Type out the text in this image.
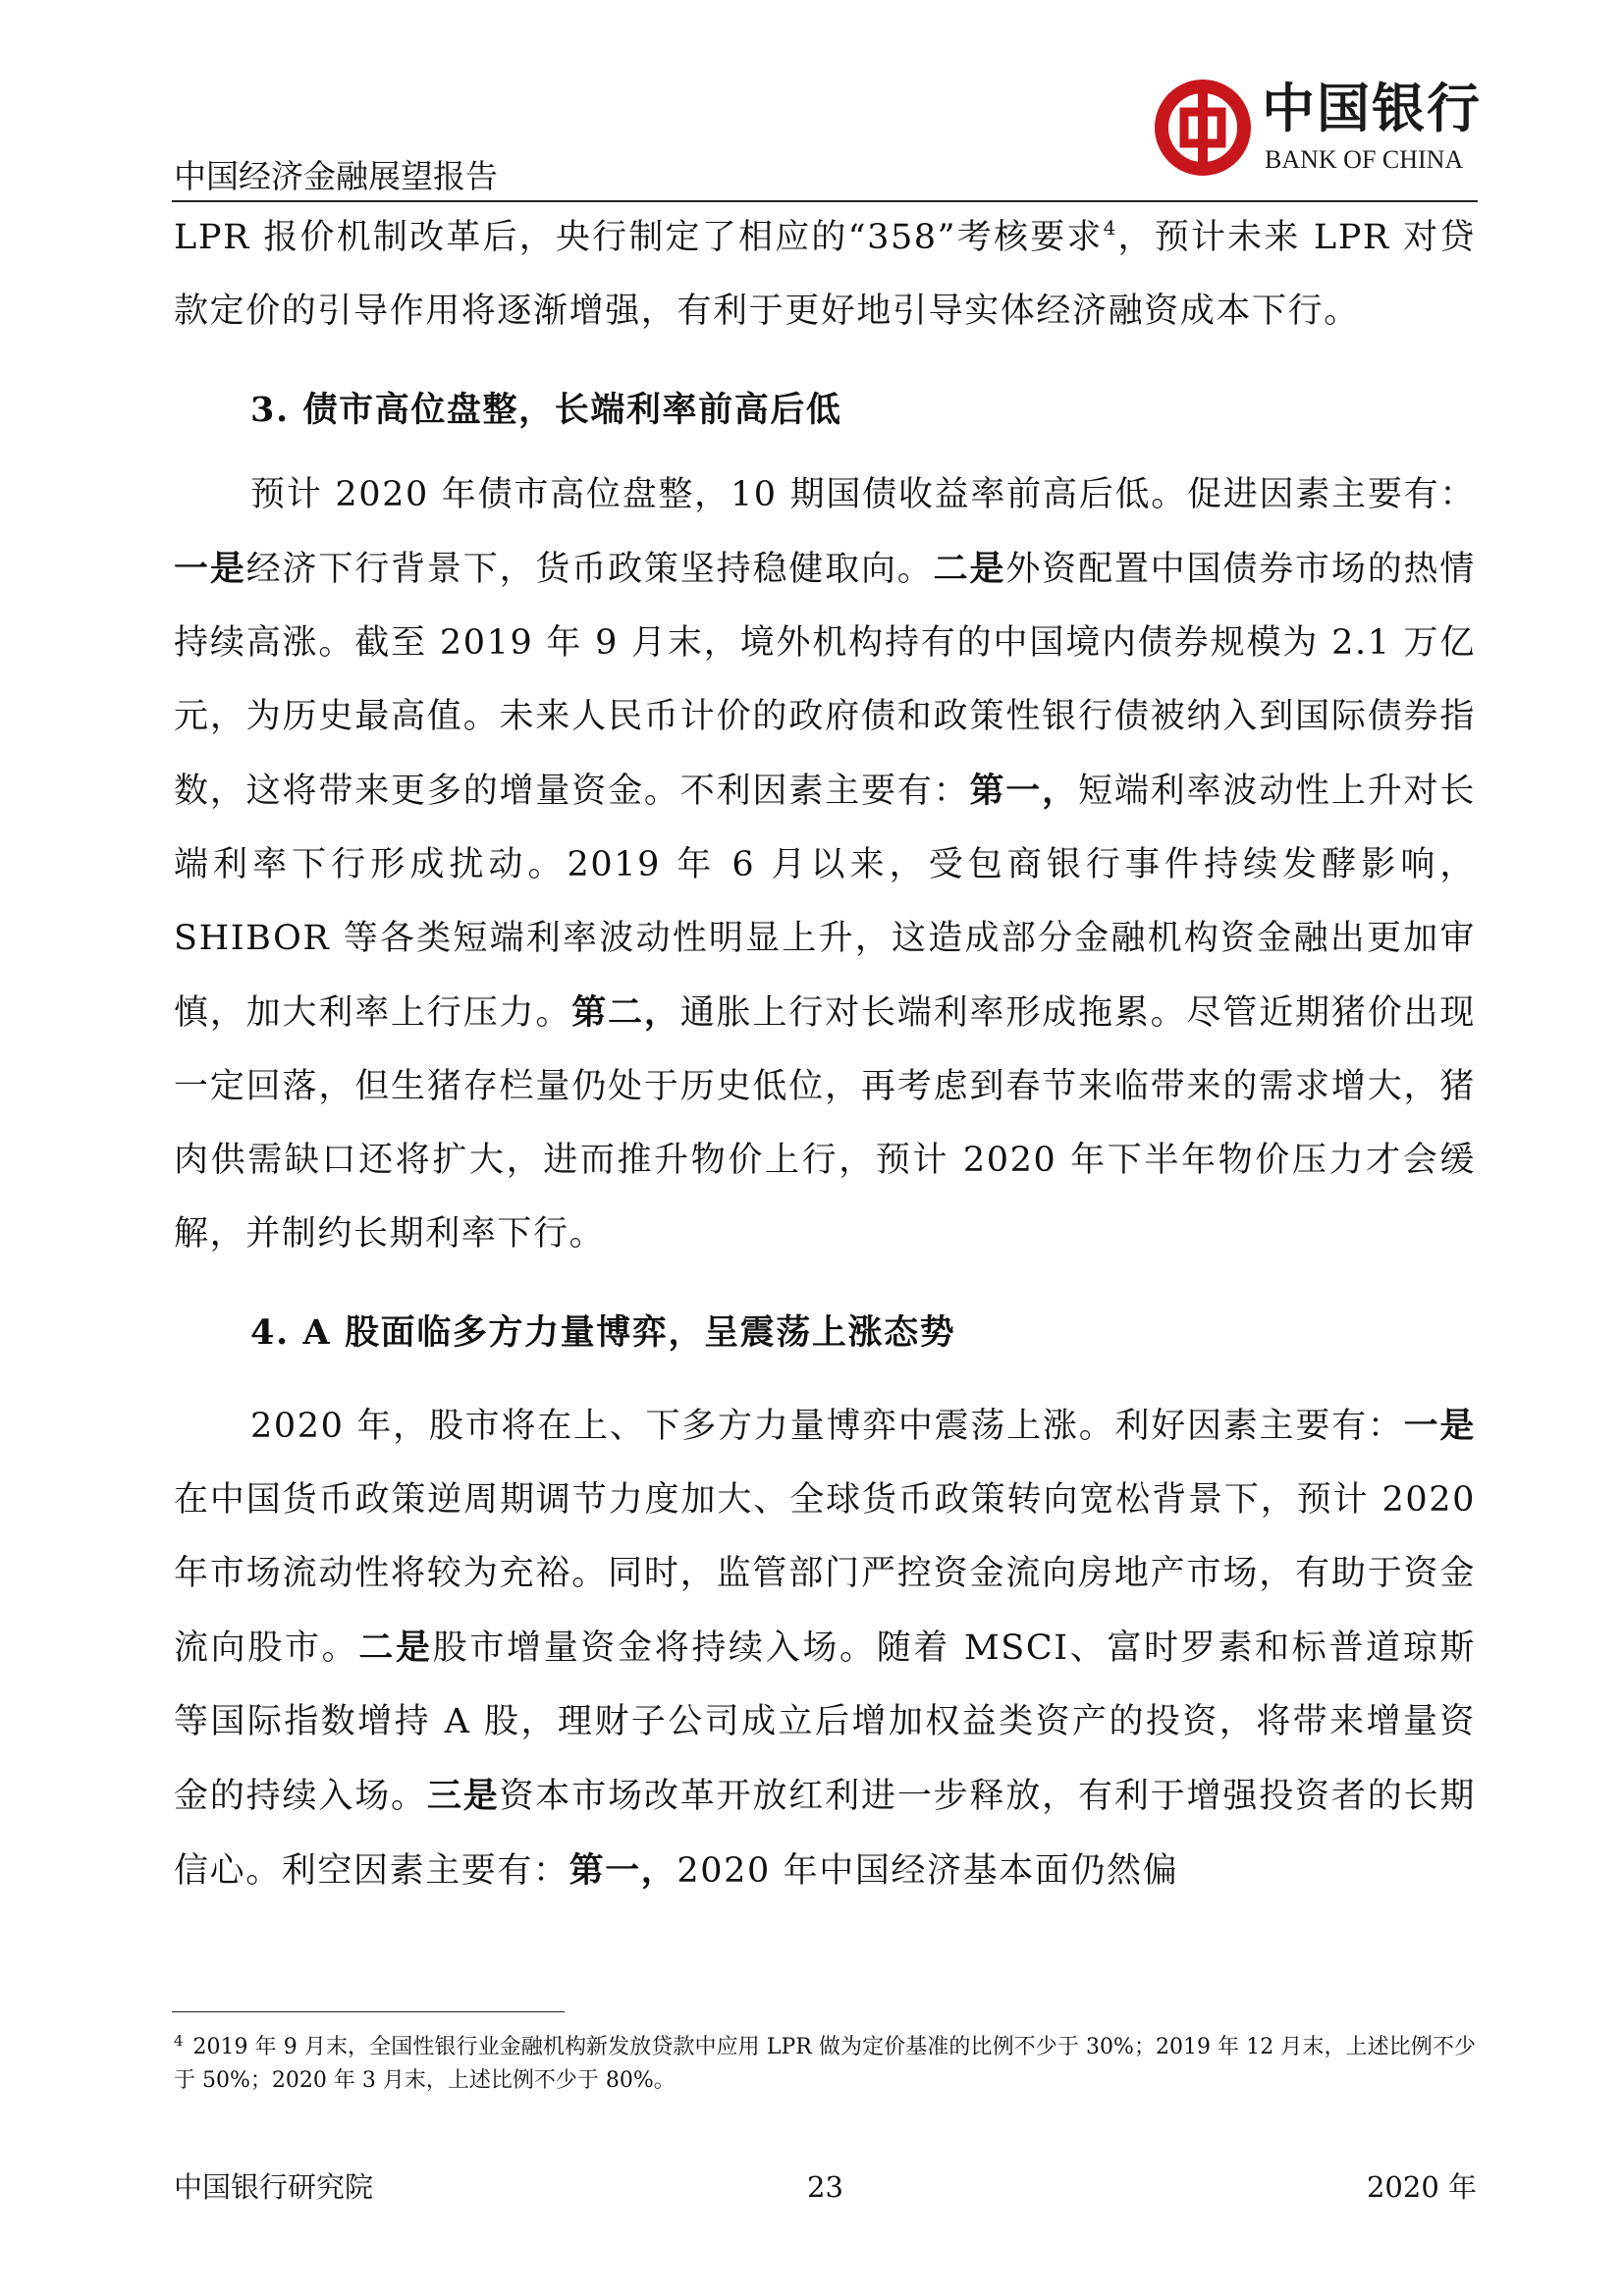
中国经济金融展望报告
中国银行
BANK OF CHINA
LPR 报价机制改革后，央行制定了相应的“358”考核要求$^4$，预计未来 LPR 对贷款定价的引导作用将逐渐增强，有利于更好地引导实体经济融资成本下行。
3. 债市高位盘整，长端利率前高后低
预计 2020 年债市高位盘整，10 期国债收益率前高后低。促进因素主要有：一是经济下行背景下，货币政策坚持稳健取向。二是外资配置中国债券市场的热情持续高涨。截至 2019 年 9 月末，境外机构持有的中国境内债券规模为 2.1 万亿元，为历史最高值。未来人民币计价的政府债和政策性银行债被纳入到国际债券指数，这将带来更多的增量资金。不利因素主要有：第一，短端利率波动性上升对长端利率下行形成扰动。2019 年 6 月以来，受包商银行事件持续发酵影响，SHIBOR 等各类短端利率波动性明显上升，这造成部分金融机构资金融出更加审慎，加大利率上行压力。第二，通胀上行对长端利率形成拖累。尽管近期猪价出现一定回落，但生猪存栏量仍处于历史低位，再考虑到春节来临带来的需求增大，猪肉供需缺口还将扩大，进而推升物价上行，预计 2020 年下半年物价压力才会缓解，并制约长期利率下行。
4. A 股面临多方力量博弈，呈震荡上涨态势
2020 年，股市将在上、下多方力量博弈中震荡上涨。利好因素主要有：一是在中国货币政策逆周期调节力度加大、全球货币政策转向宽松背景下，预计 2020 年市场流动性将较为充裕。同时，监管部门严控资金流向房地产市场，有助于资金流向股市。二是股市增量资金将持续入场。随着 MSCI、富时罗素和标普道琼斯等国际指数增持 A 股，理财子公司成立后增加权益类资产的投资，将带来增量资金的持续入场。三是资本市场改革开放红利进一步释放，有利于增强投资者的长期信心。利空因素主要有：第一，2020 年中国经济基本面仍然偏
$^4$ 2019 年 9 月末，全国性银行业金融机构新发放贷款中应用 LPR 做为定价基准的比例不少于 30%；2019 年 12 月末，上述比例不少于 50%；2020 年 3 月末，上述比例不少于 80%。
中国银行研究院	23	2020 年
